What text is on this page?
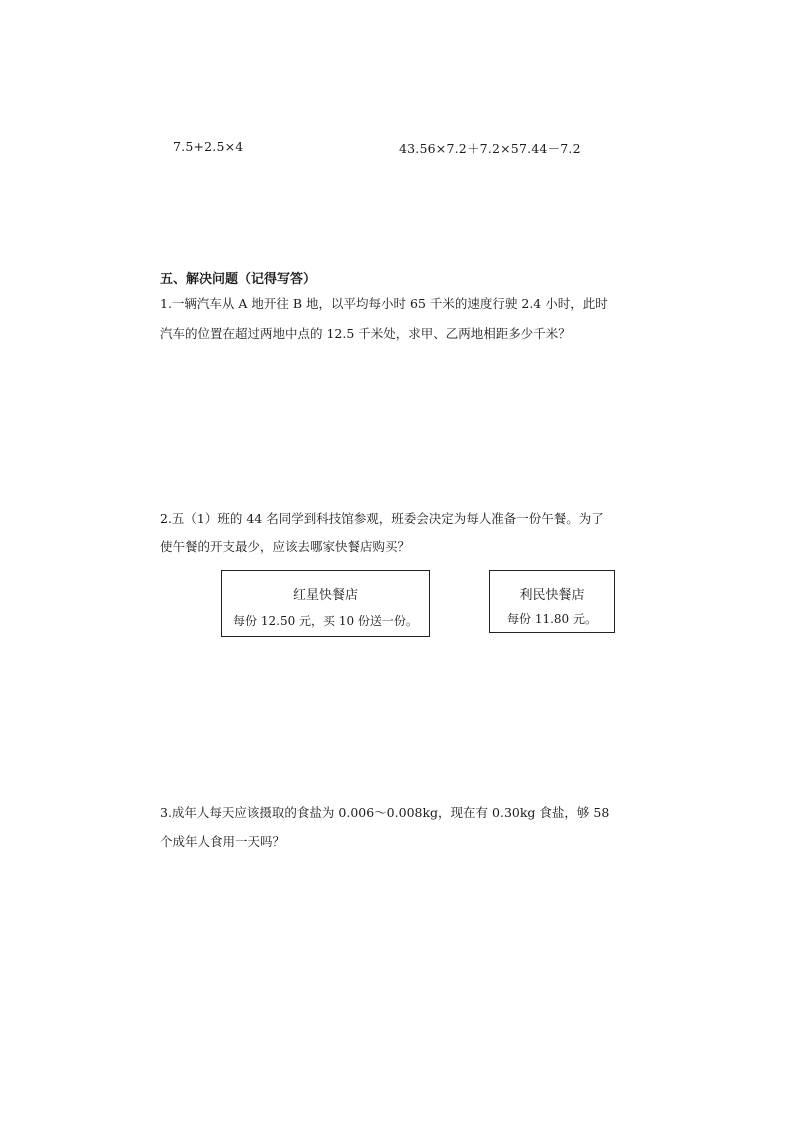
7.5+2.5×4	43.56×7.2＋7.2×57.44－7.2
五、解决问题（记得写答）
1.一辆汽车从 A 地开往 B 地，以平均每小时 65 千米的速度行驶 2.4 小时，此时
汽车的位置在超过两地中点的 12.5 千米处，求甲、乙两地相距多少千米？
2.五（1）班的 44 名同学到科技馆参观，班委会决定为每人准备一份午餐。为了
使午餐的开支最少，应该去哪家快餐店购买？
红星快餐店
每份 12.50 元，买 10 份送一份。
利民快餐店
每份 11.80 元。
3.成年人每天应该摄取的食盐为 0.006～0.008kg，现在有 0.30kg 食盐，够 58
个成年人食用一天吗？
